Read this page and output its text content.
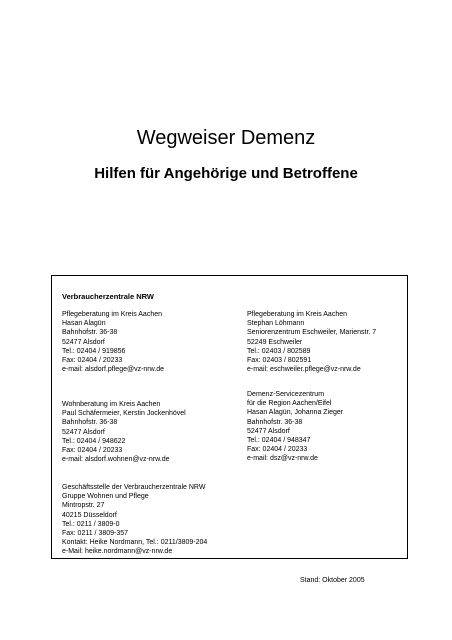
Wegweiser Demenz
Hilfen für Angehörige und Betroffene
Verbraucherzentrale NRW
Pflegeberatung im Kreis Aachen
Hasan Alagün
Bahnhofstr. 36-38
52477 Alsdorf
Tel.: 02404 / 919856
Fax: 02404 / 20233
e-mail: alsdorf.pflege@vz-nrw.de
Pflegeberatung im Kreis Aachen
Stephan Löhmann
Seniorenzentrum Eschweiler, Marienstr. 7
52249 Eschweiler
Tel.: 02403 / 802589
Fax: 02403 / 802591
e-mail: eschweiler.pflege@vz-nrw.de
Wohnberatung im Kreis Aachen
Paul Schäfermeier, Kerstin Jockenhövel
Bahnhofstr. 36-38
52477 Alsdorf
Tel.: 02404 / 948622
Fax: 02404 / 20233
e-mail: alsdorf.wohnen@vz-nrw.de
Demenz-Servicezentrum
für die Region Aachen/Eifel
Hasan Alagün, Johanna Zieger
Bahnhofstr. 36-38
52477 Alsdorf
Tel.: 02404 / 948347
Fax: 02404 / 20233
e-mail: dsz@vz-nrw.de
Geschäftsstelle der Verbraucherzentrale NRW
Gruppe Wohnen und Pflege
Mintropstr. 27
40215 Düsseldorf
Tel.: 0211 / 3809-0
Fax: 0211 / 3809-357
Kontakt: Heike Nordmann, Tel.: 0211/3809-204
e-Mail: heike.nordmann@vz-nrw.de
Stand: Oktober 2005
